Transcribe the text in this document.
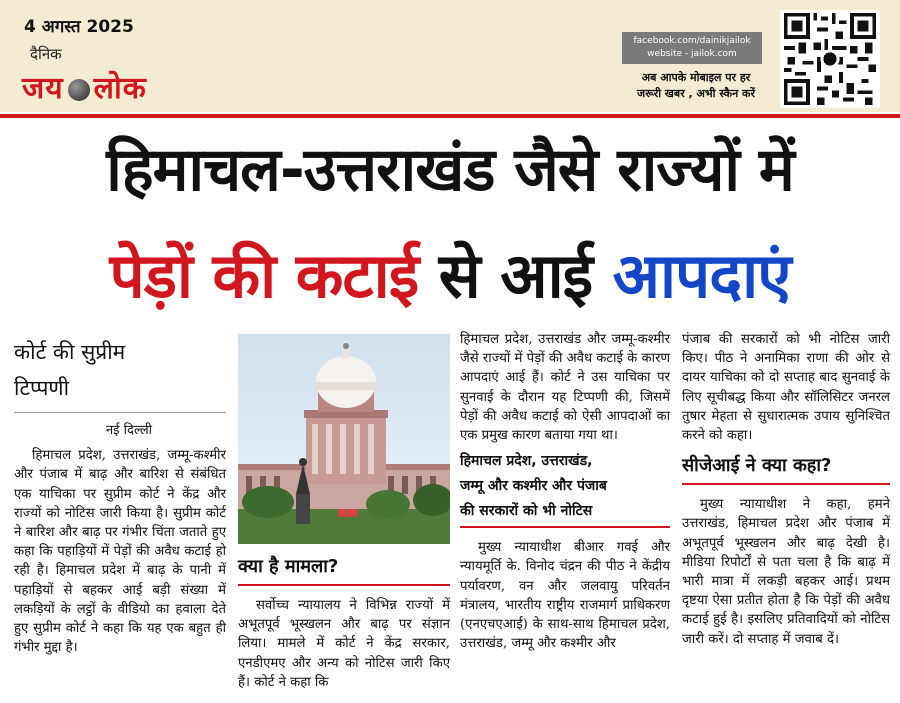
4 अगस्त 2025
दैनिक
जय लोक
facebook.com/dainikjailok
website - jailok.com
अब आपके मोबाइल पर हर
जरूरी खबर , अभी स्कैन करें
हिमाचल-उत्तराखंड जैसे राज्यों में
पेड़ों की कटाई से आई आपदाएं
कोर्ट की सुप्रीम
टिप्पणी
नई दिल्ली

हिमाचल प्रदेश, उत्तराखंड, जम्मू-कश्मीर और पंजाब में बाढ़ और बारिश से संबंधित एक याचिका पर सुप्रीम कोर्ट ने केंद्र और राज्यों को नोटिस जारी किया है। सुप्रीम कोर्ट ने बारिश और बाढ़ पर गंभीर चिंता जताते हुए कहा कि पहाड़ियों में पेड़ों की अवैध कटाई हो रही है। हिमाचल प्रदेश में बाढ़ के पानी में पहाड़ियों से बहकर आई बड़ी संख्या में लकड़ियों के लट्ठों के वीडियो का हवाला देते हुए सुप्रीम कोर्ट ने कहा कि यह एक बहुत ही गंभीर मुद्दा है।

क्या है मामला?

सर्वोच्च न्यायालय ने विभिन्न राज्यों में अभूतपूर्व भूस्खलन और बाढ़ पर संज्ञान लिया। मामले में कोर्ट ने केंद्र सरकार, एनडीएमए और अन्य को नोटिस जारी किए हैं। कोर्ट ने कहा कि

हिमाचल प्रदेश, उत्तराखंड और जम्मू-कश्मीर जैसे राज्यों में पेड़ों की अवैध कटाई के कारण आपदाएं आई हैं। कोर्ट ने उस याचिका पर सुनवाई के दौरान यह टिप्पणी की, जिसमें पेड़ों की अवैध कटाई को ऐसी आपदाओं का एक प्रमुख कारण बताया गया था।

हिमाचल प्रदेश, उत्तराखंड,
जम्मू और कश्मीर और पंजाब
की सरकारों को भी नोटिस

मुख्य न्यायाधीश बीआर गवई और न्यायमूर्ति के. विनोद चंद्रन की पीठ ने केंद्रीय पर्यावरण, वन और जलवायु परिवर्तन मंत्रालय, भारतीय राष्ट्रीय राजमार्ग प्राधिकरण (एनएचएआई) के साथ-साथ हिमाचल प्रदेश, उत्तराखंड, जम्मू और कश्मीर और

पंजाब की सरकारों को भी नोटिस जारी किए। पीठ ने अनामिका राणा की ओर से दायर याचिका को दो सप्ताह बाद सुनवाई के लिए सूचीबद्ध किया और सॉलिसिटर जनरल तुषार मेहता से सुधारात्मक उपाय सुनिश्चित करने को कहा।

सीजेआई ने क्या कहा?

मुख्य न्यायाधीश ने कहा, हमने उत्तराखंड, हिमाचल प्रदेश और पंजाब में अभूतपूर्व भूस्खलन और बाढ़ देखी है। मीडिया रिपोर्टों से पता चला है कि बाढ़ में भारी मात्रा में लकड़ी बहकर आई। प्रथम दृष्टया ऐसा प्रतीत होता है कि पेड़ों की अवैध कटाई हुई है। इसलिए प्रतिवादियों को नोटिस जारी करें। दो सप्ताह में जवाब दें।
